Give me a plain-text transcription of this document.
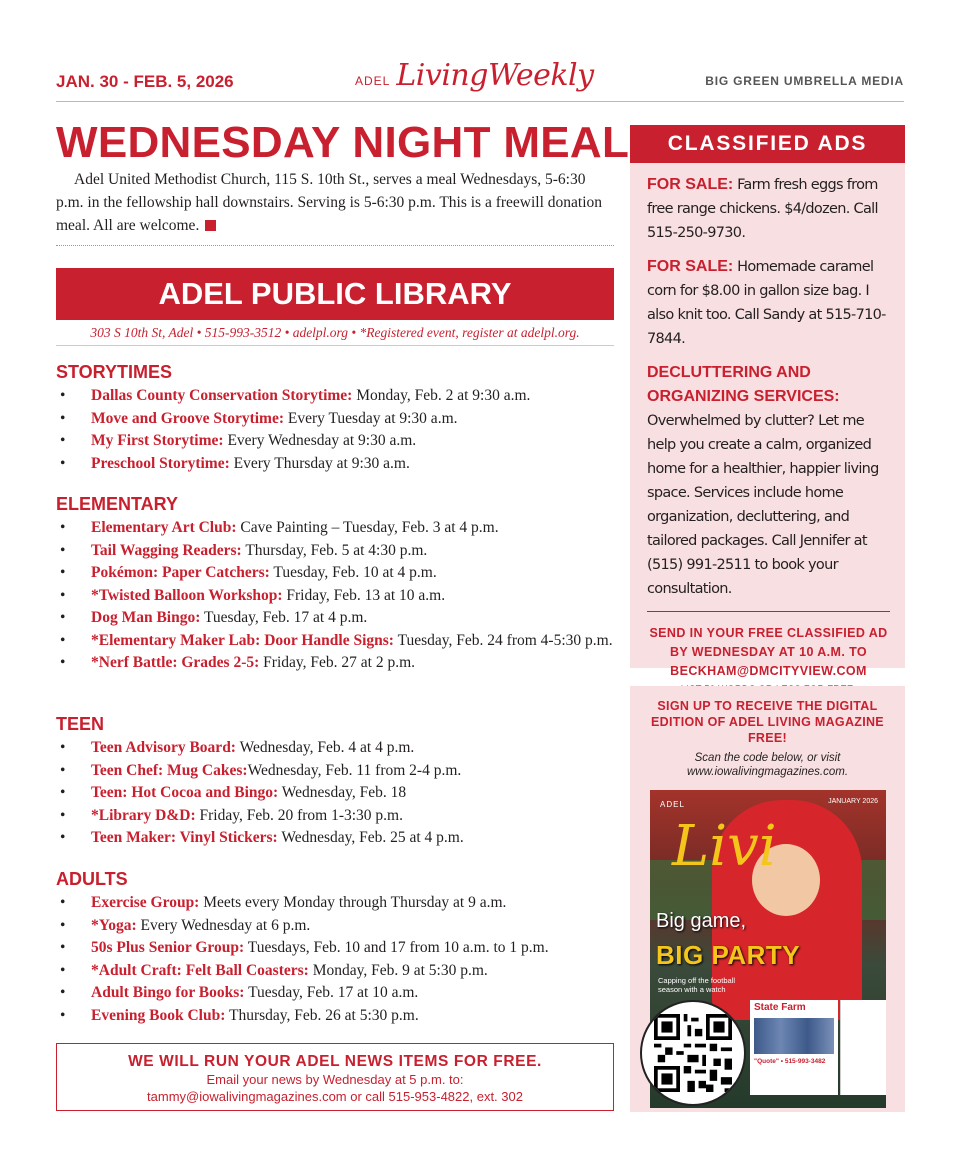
JAN. 30 - FEB. 5, 2026	ADEL LivingWeekly	BIG GREEN UMBRELLA MEDIA
WEDNESDAY NIGHT MEAL

Adel United Methodist Church, 115 S. 10th St., serves a meal Wednesdays, 5-6:30 p.m. in the fellowship hall downstairs. Serving is 5-6:30 p.m. This is a freewill donation meal. All are welcome.

ADEL PUBLIC LIBRARY
303 S 10th St, Adel • 515-993-3512 • adelpl.org • *Registered event, register at adelpl.org.
STORYTIMES
• Dallas County Conservation Storytime: Monday, Feb. 2 at 9:30 a.m.
• Move and Groove Storytime: Every Tuesday at 9:30 a.m.
• My First Storytime: Every Wednesday at 9:30 a.m.
• Preschool Storytime: Every Thursday at 9:30 a.m.
ELEMENTARY
• Elementary Art Club: Cave Painting – Tuesday, Feb. 3 at 4 p.m.
• Tail Wagging Readers: Thursday, Feb. 5 at 4:30 p.m.
• Pokémon: Paper Catchers: Tuesday, Feb. 10 at 4 p.m.
• *Twisted Balloon Workshop: Friday, Feb. 13 at 10 a.m.
• Dog Man Bingo: Tuesday, Feb. 17 at 4 p.m.
• *Elementary Maker Lab: Door Handle Signs: Tuesday, Feb. 24 from 4-5:30 p.m.
• *Nerf Battle: Grades 2-5: Friday, Feb. 27 at 2 p.m.
TEEN
• Teen Advisory Board: Wednesday, Feb. 4 at 4 p.m.
• Teen Chef: Mug Cakes:Wednesday, Feb. 11 from 2-4 p.m.
• Teen: Hot Cocoa and Bingo: Wednesday, Feb. 18
• *Library D&D: Friday, Feb. 20 from 1-3:30 p.m.
• Teen Maker: Vinyl Stickers: Wednesday, Feb. 25 at 4 p.m.
ADULTS
• Exercise Group: Meets every Monday through Thursday at 9 a.m.
• *Yoga: Every Wednesday at 6 p.m.
• 50s Plus Senior Group: Tuesdays, Feb. 10 and 17 from 10 a.m. to 1 p.m.
• *Adult Craft: Felt Ball Coasters: Monday, Feb. 9 at 5:30 p.m.
• Adult Bingo for Books: Tuesday, Feb. 17 at 10 a.m.
• Evening Book Club: Thursday, Feb. 26 at 5:30 p.m.
WE WILL RUN YOUR ADEL NEWS ITEMS FOR FREE.
Email your news by Wednesday at 5 p.m. to:
tammy@iowalivingmagazines.com or call 515-953-4822, ext. 302
CLASSIFIED ADS

FOR SALE: Farm fresh eggs from free range chickens. $4/dozen. Call 515-250-9730.

FOR SALE: Homemade caramel corn for $8.00 in gallon size bag. I also knit too. Call Sandy at 515-710-7844.

DECLUTTERING AND ORGANIZING SERVICES:
Overwhelmed by clutter? Let me help you create a calm, organized home for a healthier, happier living space. Services include home organization, decluttering, and tailored packages. Call Jennifer at (515) 991-2511 to book your consultation.

SEND IN YOUR FREE CLASSIFIED AD BY WEDNESDAY AT 10 A.M. TO BECKHAM@DMCITYVIEW.COM
SIGN UP TO RECEIVE THE DIGITAL EDITION OF ADEL LIVING MAGAZINE FREE!
Scan the code below, or visit
www.iowalivingmagazines.com.
ADEL	JANUARY 2026
Livi
Big game,
BIG PARTY
Capping off the football season with a watch
State Farm
"Quote" • 515-993-3482
